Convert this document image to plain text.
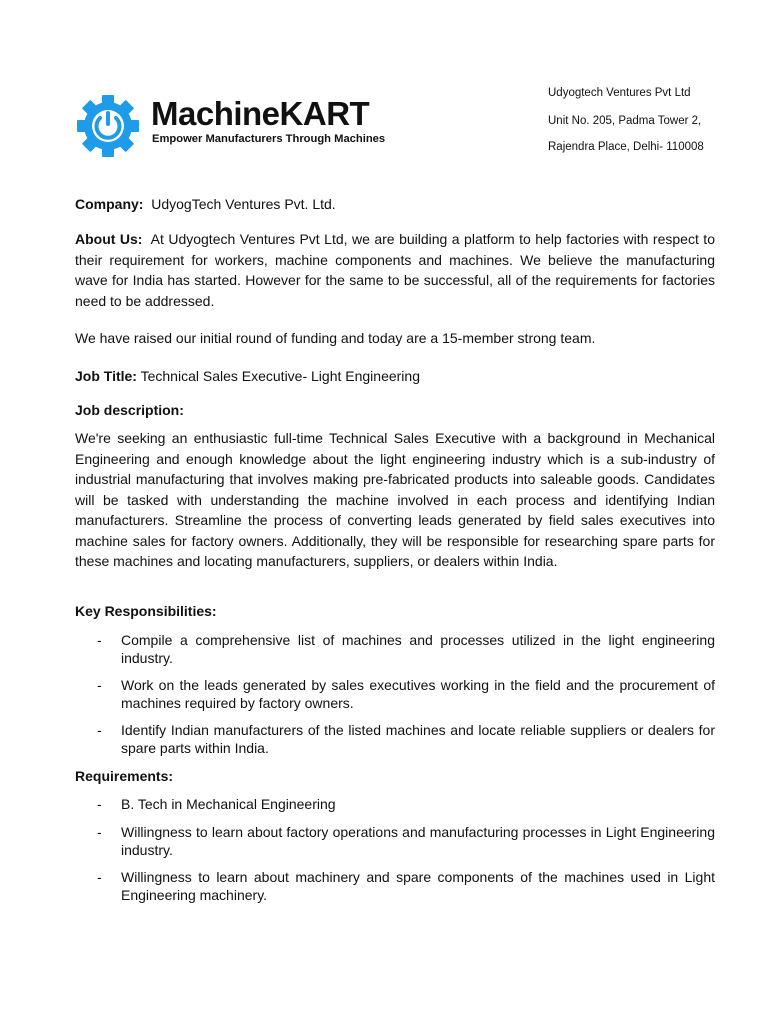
MachineKART
Empower Manufacturers Through Machines
Udyogtech Ventures Pvt Ltd
Unit No. 205, Padma Tower 2,
Rajendra Place, Delhi- 110008
Company: UdyogTech Ventures Pvt. Ltd.
About Us: At Udyogtech Ventures Pvt Ltd, we are building a platform to help factories with respect to their requirement for workers, machine components and machines. We believe the manufacturing wave for India has started. However for the same to be successful, all of the requirements for factories need to be addressed.
We have raised our initial round of funding and today are a 15-member strong team.
Job Title: Technical Sales Executive- Light Engineering
Job description:
We're seeking an enthusiastic full-time Technical Sales Executive with a background in Mechanical Engineering and enough knowledge about the light engineering industry which is a sub-industry of industrial manufacturing that involves making pre-fabricated products into saleable goods. Candidates will be tasked with understanding the machine involved in each process and identifying Indian manufacturers. Streamline the process of converting leads generated by field sales executives into machine sales for factory owners. Additionally, they will be responsible for researching spare parts for these machines and locating manufacturers, suppliers, or dealers within India.
Key Responsibilities:
- Compile a comprehensive list of machines and processes utilized in the light engineering industry.
- Work on the leads generated by sales executives working in the field and the procurement of machines required by factory owners.
- Identify Indian manufacturers of the listed machines and locate reliable suppliers or dealers for spare parts within India.
Requirements:
- B. Tech in Mechanical Engineering
- Willingness to learn about factory operations and manufacturing processes in Light Engineering industry.
- Willingness to learn about machinery and spare components of the machines used in Light Engineering machinery.
